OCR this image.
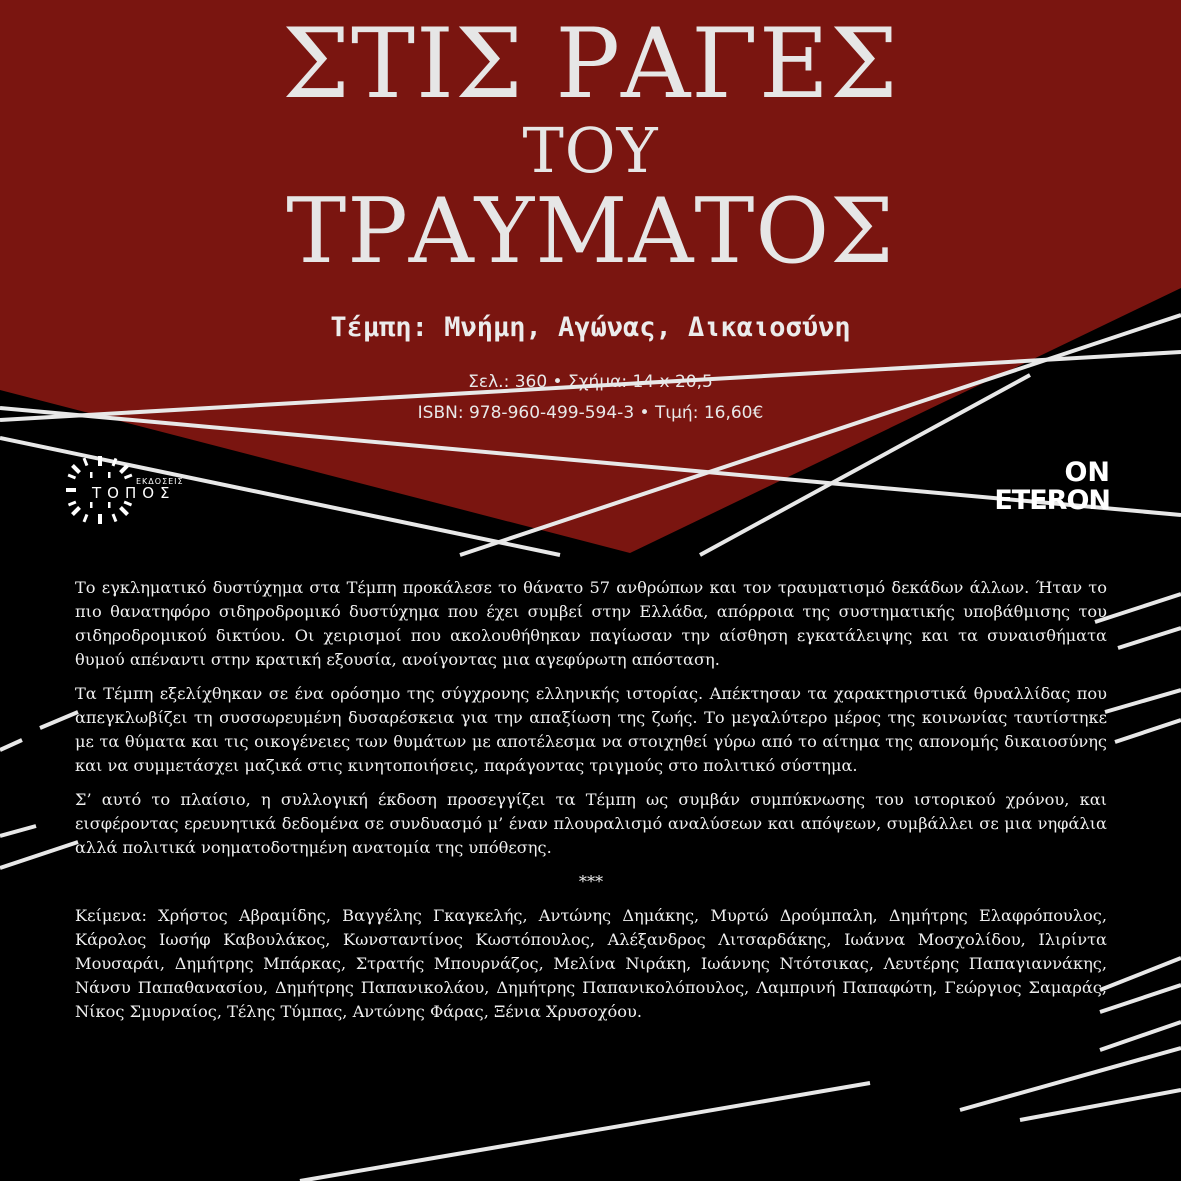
ΣΤΙΣ ΡΑΓΕΣ
ΤΟΥ
ΤΡΑΥΜΑΤΟΣ
Τέμπη: Μνήμη, Αγώνας, Δικαιοσύνη
Σελ.: 360 • Σχήμα: 14 x 20,5
ISBN: 978-960-499-594-3 • Τιμή: 16,60€
ΕΚΔΟΣΕΙΣ
ΤΟΠΟΣ
ON
ETERON

Το εγκληματικό δυστύχημα στα Τέμπη προκάλεσε το θάνατο 57 ανθρώπων και τον τραυματισμό δεκάδων άλλων. Ήταν το πιο θανατηφόρο σιδηροδρομικό δυστύχημα που έχει συμβεί στην Ελλάδα, απόρροια της συστηματικής υποβάθμισης του σιδηροδρομικού δικτύου. Οι χειρισμοί που ακολουθήθηκαν παγίωσαν την αίσθηση εγκατάλειψης και τα συναισθήματα θυμού απέναντι στην κρατική εξουσία, ανοίγοντας μια αγεφύρωτη απόσταση.

Τα Τέμπη εξελίχθηκαν σε ένα ορόσημο της σύγχρονης ελληνικής ιστορίας. Απέκτησαν τα χαρακτηριστικά θρυαλλίδας που απεγκλωβίζει τη συσσωρευμένη δυσαρέσκεια για την απαξίωση της ζωής. Το μεγαλύτερο μέρος της κοινωνίας ταυτίστηκε με τα θύματα και τις οικογένειες των θυμάτων με αποτέλεσμα να στοιχηθεί γύρω από το αίτημα της απονομής δικαιοσύνης και να συμμετάσχει μαζικά στις κινητοποιήσεις, παράγοντας τριγμούς στο πολιτικό σύστημα.

Σ’ αυτό το πλαίσιο, η συλλογική έκδοση προσεγγίζει τα Τέμπη ως συμβάν συμπύκνωσης του ιστορικού χρόνου, και εισφέροντας ερευνητικά δεδομένα σε συνδυασμό μ’ έναν πλουραλισμό αναλύσεων και απόψεων, συμβάλλει σε μια νηφάλια αλλά πολιτικά νοηματοδοτημένη ανατομία της υπόθεσης.

***

Κείμενα: Χρήστος Αβραμίδης, Βαγγέλης Γκαγκελής, Αντώνης Δημάκης, Μυρτώ Δρούμπαλη, Δημήτρης Ελαφρόπουλος, Κάρολος Ιωσήφ Καβουλάκος, Κωνσταντίνος Κωστόπουλος, Αλέξανδρος Λιτσαρδάκης, Ιωάννα Μοσχολίδου, Ιλιρίντα Μουσαράι, Δημήτρης Μπάρκας, Στρατής Μπουρνάζος, Μελίνα Νιράκη, Ιωάννης Ντότσικας, Λευτέρης Παπαγιαννάκης, Νάνσυ Παπαθανασίου, Δημήτρης Παπανικολάου, Δημήτρης Παπανικολόπουλος, Λαμπρινή Παπαφώτη, Γεώργιος Σαμαράς, Νίκος Σμυρναίος, Τέλης Τύμπας, Αντώνης Φάρας, Ξένια Χρυσοχόου.
